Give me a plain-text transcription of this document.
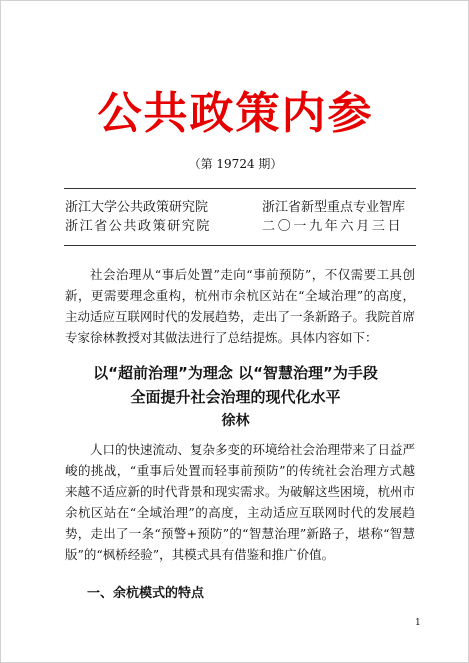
公共政策内参
（第 19724 期）
浙江大学公共政策研究院
浙江省公共政策研究院
浙江省新型重点专业智库
二〇一九年六月三日
社会治理从“事后处置”走向“事前预防”，不仅需要工具创新，更需要理念重构，杭州市余杭区站在“全域治理”的高度，主动适应互联网时代的发展趋势，走出了一条新路子。我院首席专家徐林教授对其做法进行了总结提炼。具体内容如下：
以“超前治理”为理念 以“智慧治理”为手段
全面提升社会治理的现代化水平
徐林
人口的快速流动、复杂多变的环境给社会治理带来了日益严峻的挑战，“重事后处置而轻事前预防”的传统社会治理方式越来越不适应新的时代背景和现实需求。为破解这些困境，杭州市余杭区站在“全域治理”的高度，主动适应互联网时代的发展趋势，走出了一条“预警+预防”的“智慧治理”新路子，堪称“智慧版”的“枫桥经验”，其模式具有借鉴和推广价值。
一、余杭模式的特点
1
